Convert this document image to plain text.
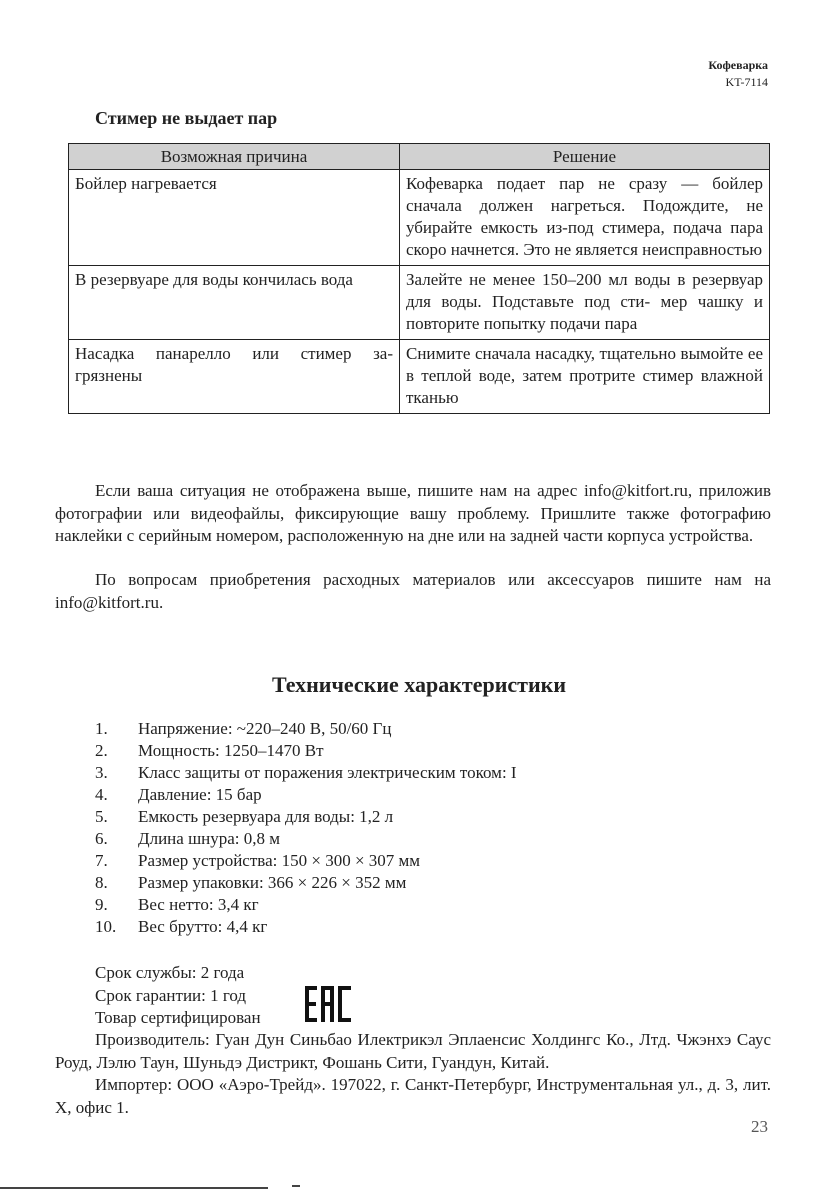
Кофеварка
KT-7114
Стимер не выдает пар
Возможная причина	Решение
Бойлер нагревается	Кофеварка подает пар не сразу — бойлер сначала должен нагреться. Подождите, не убирайте емкость из-под стимера, подача пара скоро начнется. Это не является неисправностью
В резервуаре для воды кончилась вода	Залейте не менее 150–200 мл воды в резервуар для воды. Подставьте под сти- мер чашку и повторите попытку подачи пара
Насадка панарелло или стимер за- грязнены	Снимите сначала насадку, тщательно вымойте ее в теплой воде, затем протрите стимер влажной тканью

Если ваша ситуация не отображена выше, пишите нам на адрес info@kitfort.ru, приложив фотографии или видеофайлы, фиксирующие вашу проблему. Пришлите также фотографию наклейки с серийным номером, расположенную на дне или на задней части корпуса устройства.

По вопросам приобретения расходных материалов или аксессуаров пишите нам на info@kitfort.ru.

Технические характеристики
1.	Напряжение: ~220–240 В, 50/60 Гц
2.	Мощность: 1250–1470 Вт
3.	Класс защиты от поражения электрическим током: I
4.	Давление: 15 бар
5.	Емкость резервуара для воды: 1,2 л
6.	Длина шнура: 0,8 м
7.	Размер устройства: 150 × 300 × 307 мм
8.	Размер упаковки: 366 × 226 × 352 мм
9.	Вес нетто: 3,4 кг
10.	Вес брутто: 4,4 кг
Срок службы: 2 года
Срок гарантии: 1 год
Товар сертифицирован

Производитель: Гуан Дун Синьбао Илектрикэл Эплаенсис Холдингс Ко., Лтд. Чжэнхэ Саус Роуд, Лэлю Таун, Шуньдэ Дистрикт, Фошань Сити, Гуандун, Китай.

Импортер: ООО «Аэро-Трейд». 197022, г. Санкт-Петербург, Инструментальная ул., д. 3, лит. Х, офис 1.

23
